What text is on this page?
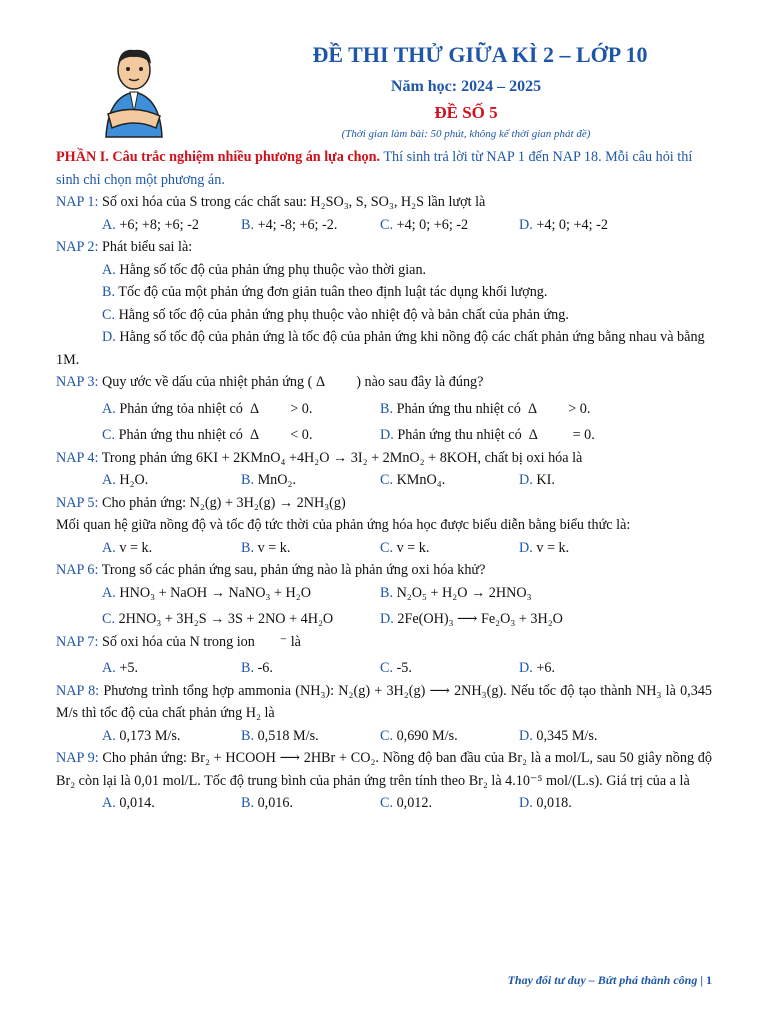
ĐỀ THI THỬ GIỮA KÌ 2 – LỚP 10
Năm học: 2024 – 2025
ĐỀ SỐ 5
(Thời gian làm bài: 50 phút, không kể thời gian phát đề)

PHẦN I. Câu trắc nghiệm nhiều phương án lựa chọn. Thí sinh trả lời từ NAP 1 đến NAP 18. Mỗi câu hỏi thí sinh chỉ chọn một phương án.

NAP 1: Số oxi hóa của S trong các chất sau: H₂SO₃, S, SO₃, H₂S lần lượt là

A. +6; +8; +6; -2	B. +4; -8; +6; -2.	C. +4; 0; +6; -2	D. +4; 0; +4; -2

NAP 2: Phát biểu sai là:

A. Hằng số tốc độ của phản ứng phụ thuộc vào thời gian.

B. Tốc độ của một phản ứng đơn giản tuân theo định luật tác dụng khối lượng.

C. Hằng số tốc độ của phản ứng phụ thuộc vào nhiệt độ và bản chất của phản ứng.

D. Hằng số tốc độ của phản ứng là tốc độ của phản ứng khi nồng độ các chất phản ứng bằng nhau và bằng 1M.

NAP 3: Quy ước về dấu của nhiệt phản ứng ( Δ         ) nào sau đây là đúng?

A. Phản ứng tỏa nhiệt có  Δ         > 0.	B. Phản ứng thu nhiệt có  Δ         > 0.
C. Phản ứng thu nhiệt có  Δ         < 0.	D. Phản ứng thu nhiệt có  Δ          = 0.

NAP 4: Trong phản ứng 6KI + 2KMnO₄ +4H₂O → 3I₂ + 2MnO₂ + 8KOH, chất bị oxi hóa là

A. H₂O.	B. MnO₂.	C. KMnO₄.	D. KI.

NAP 5: Cho phản ứng: N₂(g) + 3H₂(g) → 2NH₃(g)

Mối quan hệ giữa nồng độ và tốc độ tức thời của phản ứng hóa học được biểu diễn bằng biểu thức là:

A. v = k.	B. v = k.	C. v = k.	D. v = k.

NAP 6: Trong số các phản ứng sau, phản ứng nào là phản ứng oxi hóa khử?

A. HNO₃ + NaOH → NaNO₃ + H₂O	B. N₂O₅ + H₂O → 2HNO₃
C. 2HNO₃ + 3H₂S → 3S + 2NO + 4H₂O	D. 2Fe(OH)₃ ⟶ Fe₂O₃ + 3H₂O

NAP 7: Số oxi hóa của N trong ion       ⁻ là

A. +5.	B. -6.	C. -5.	D. +6.

NAP 8: Phương trình tổng hợp ammonia (NH₃): N₂(g) + 3H₂(g) ⟶ 2NH₃(g). Nếu tốc độ tạo thành NH₃ là 0,345 M/s thì tốc độ của chất phản ứng H₂ là

A. 0,173 M/s.	B. 0,518 M/s.	C. 0,690 M/s.	D. 0,345 M/s.

NAP 9: Cho phản ứng: Br₂ + HCOOH ⟶ 2HBr + CO₂. Nồng độ ban đầu của Br₂ là a mol/L, sau 50 giây nồng độ Br₂ còn lại là 0,01 mol/L. Tốc độ trung bình của phản ứng trên tính theo Br₂ là 4.10⁻⁵ mol/(L.s). Giá trị của a là

A. 0,014.	B. 0,016.	C. 0,012.	D. 0,018.
Thay đổi tư duy – Bứt phá thành công | 1
